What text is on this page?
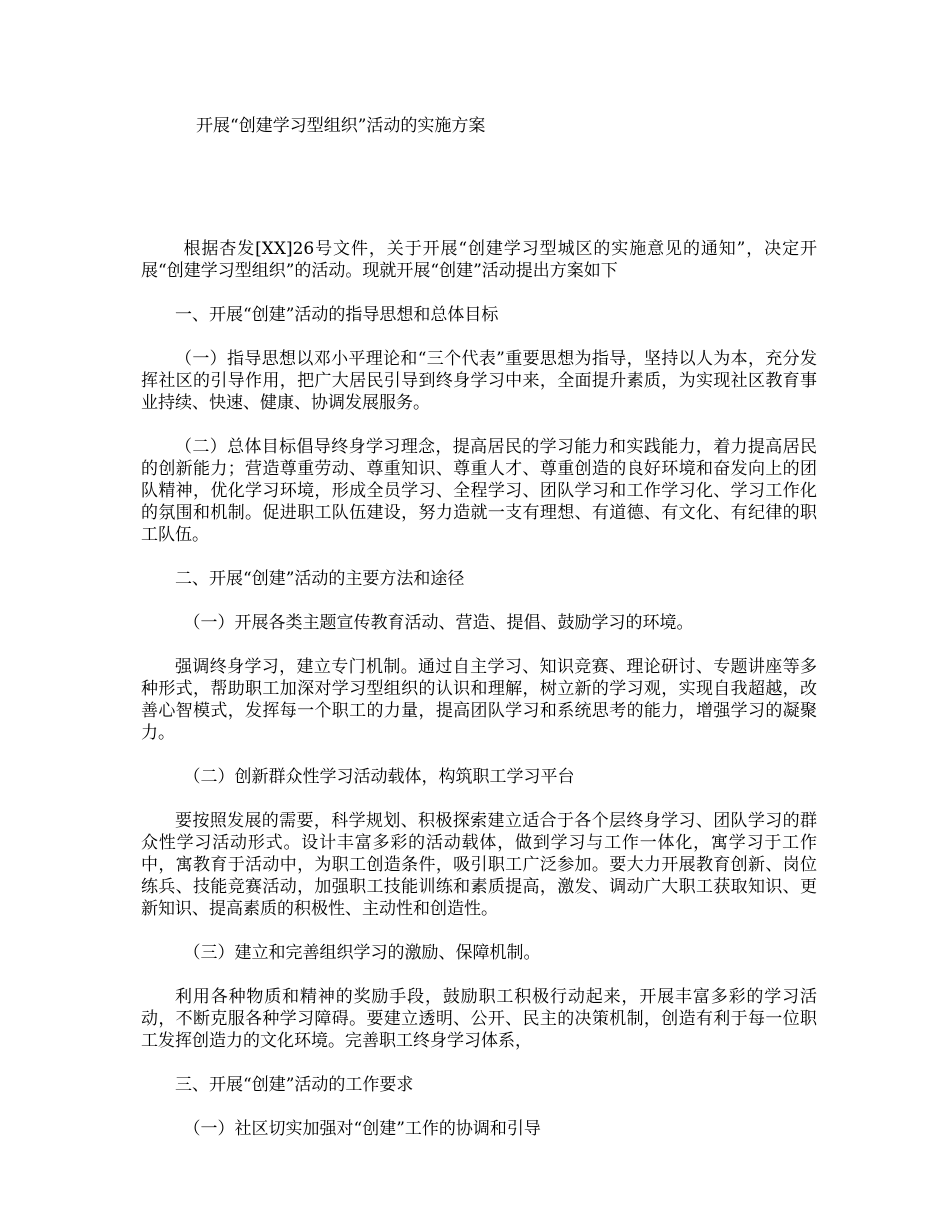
开展“创建学习型组织”活动的实施方案

根据杏发[XX]26号文件，关于开展“创建学习型城区的实施意见的通知”，决定开展“创建学习型组织”的活动。现就开展“创建”活动提出方案如下

一、开展“创建”活动的指导思想和总体目标

（一）指导思想以邓小平理论和“三个代表”重要思想为指导，坚持以人为本，充分发挥社区的引导作用，把广大居民引导到终身学习中来，全面提升素质，为实现社区教育事业持续、快速、健康、协调发展服务。

（二）总体目标倡导终身学习理念，提高居民的学习能力和实践能力，着力提高居民的创新能力；营造尊重劳动、尊重知识、尊重人才、尊重创造的良好环境和奋发向上的团队精神，优化学习环境，形成全员学习、全程学习、团队学习和工作学习化、学习工作化的氛围和机制。促进职工队伍建设，努力造就一支有理想、有道德、有文化、有纪律的职工队伍。

二、开展“创建”活动的主要方法和途径

（一）开展各类主题宣传教育活动、营造、提倡、鼓励学习的环境。

强调终身学习，建立专门机制。通过自主学习、知识竞赛、理论研讨、专题讲座等多种形式，帮助职工加深对学习型组织的认识和理解，树立新的学习观，实现自我超越，改善心智模式，发挥每一个职工的力量，提高团队学习和系统思考的能力，增强学习的凝聚力。

（二）创新群众性学习活动载体，构筑职工学习平台

要按照发展的需要，科学规划、积极探索建立适合于各个层终身学习、团队学习的群众性学习活动形式。设计丰富多彩的活动载体，做到学习与工作一体化，寓学习于工作中，寓教育于活动中，为职工创造条件，吸引职工广泛参加。要大力开展教育创新、岗位练兵、技能竞赛活动，加强职工技能训练和素质提高，激发、调动广大职工获取知识、更新知识、提高素质的积极性、主动性和创造性。

（三）建立和完善组织学习的激励、保障机制。

利用各种物质和精神的奖励手段，鼓励职工积极行动起来，开展丰富多彩的学习活动，不断克服各种学习障碍。要建立透明、公开、民主的决策机制，创造有利于每一位职工发挥创造力的文化环境。完善职工终身学习体系，

三、开展“创建”活动的工作要求

（一）社区切实加强对“创建”工作的协调和引导
